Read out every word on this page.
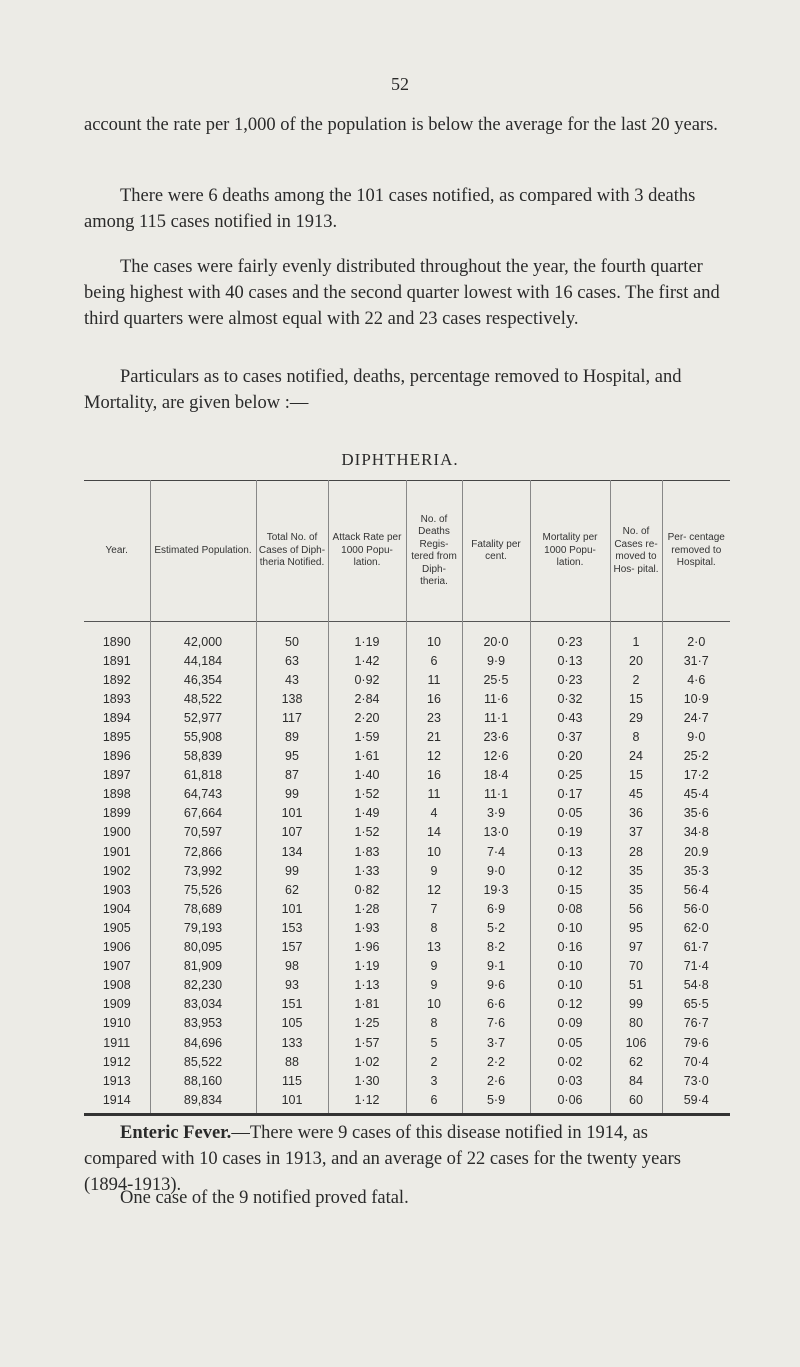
52

account the rate per 1,000 of the population is below the average for the last 20 years.

There were 6 deaths among the 101 cases notified, as compared with 3 deaths among 115 cases notified in 1913.

The cases were fairly evenly distributed throughout the year, the fourth quarter being highest with 40 cases and the second quarter lowest with 16 cases. The first and third quarters were almost equal with 22 and 23 cases respectively.

Particulars as to cases notified, deaths, percentage removed to Hospital, and Mortality, are given below :—

DIPHTHERIA.
Year.	Estimated Population.	Total No. of Cases of Diph- theria Notified.	Attack Rate per 1000 Popu- lation.	No. of Deaths Regis- tered from Diph- theria.	Fatality per cent.	Mortality per 1000 Popu- lation.	No. of Cases re- moved to Hos- pital.	Per- centage removed to Hospital.
1890	42,000	50	1·19	10	20·0	0·23	1	2·0
1891	44,184	63	1·42	6	9·9	0·13	20	31·7
1892	46,354	43	0·92	11	25·5	0·23	2	4·6
1893	48,522	138	2·84	16	11·6	0·32	15	10·9
1894	52,977	117	2·20	23	11·1	0·43	29	24·7
1895	55,908	89	1·59	21	23·6	0·37	8	9·0
1896	58,839	95	1·61	12	12·6	0·20	24	25·2
1897	61,818	87	1·40	16	18·4	0·25	15	17·2
1898	64,743	99	1·52	11	11·1	0·17	45	45·4
1899	67,664	101	1·49	4	3·9	0·05	36	35·6
1900	70,597	107	1·52	14	13·0	0·19	37	34·8
1901	72,866	134	1·83	10	7·4	0·13	28	20.9
1902	73,992	99	1·33	9	9·0	0·12	35	35·3
1903	75,526	62	0·82	12	19·3	0·15	35	56·4
1904	78,689	101	1·28	7	6·9	0·08	56	56·0
1905	79,193	153	1·93	8	5·2	0·10	95	62·0
1906	80,095	157	1·96	13	8·2	0·16	97	61·7
1907	81,909	98	1·19	9	9·1	0·10	70	71·4
1908	82,230	93	1·13	9	9·6	0·10	51	54·8
1909	83,034	151	1·81	10	6·6	0·12	99	65·5
1910	83,953	105	1·25	8	7·6	0·09	80	76·7
1911	84,696	133	1·57	5	3·7	0·05	106	79·6
1912	85,522	88	1·02	2	2·2	0·02	62	70·4
1913	88,160	115	1·30	3	2·6	0·03	84	73·0
1914	89,834	101	1·12	6	5·9	0·06	60	59·4

Enteric Fever.—There were 9 cases of this disease notified in 1914, as compared with 10 cases in 1913, and an average of 22 cases for the twenty years (1894-1913).

One case of the 9 notified proved fatal.
